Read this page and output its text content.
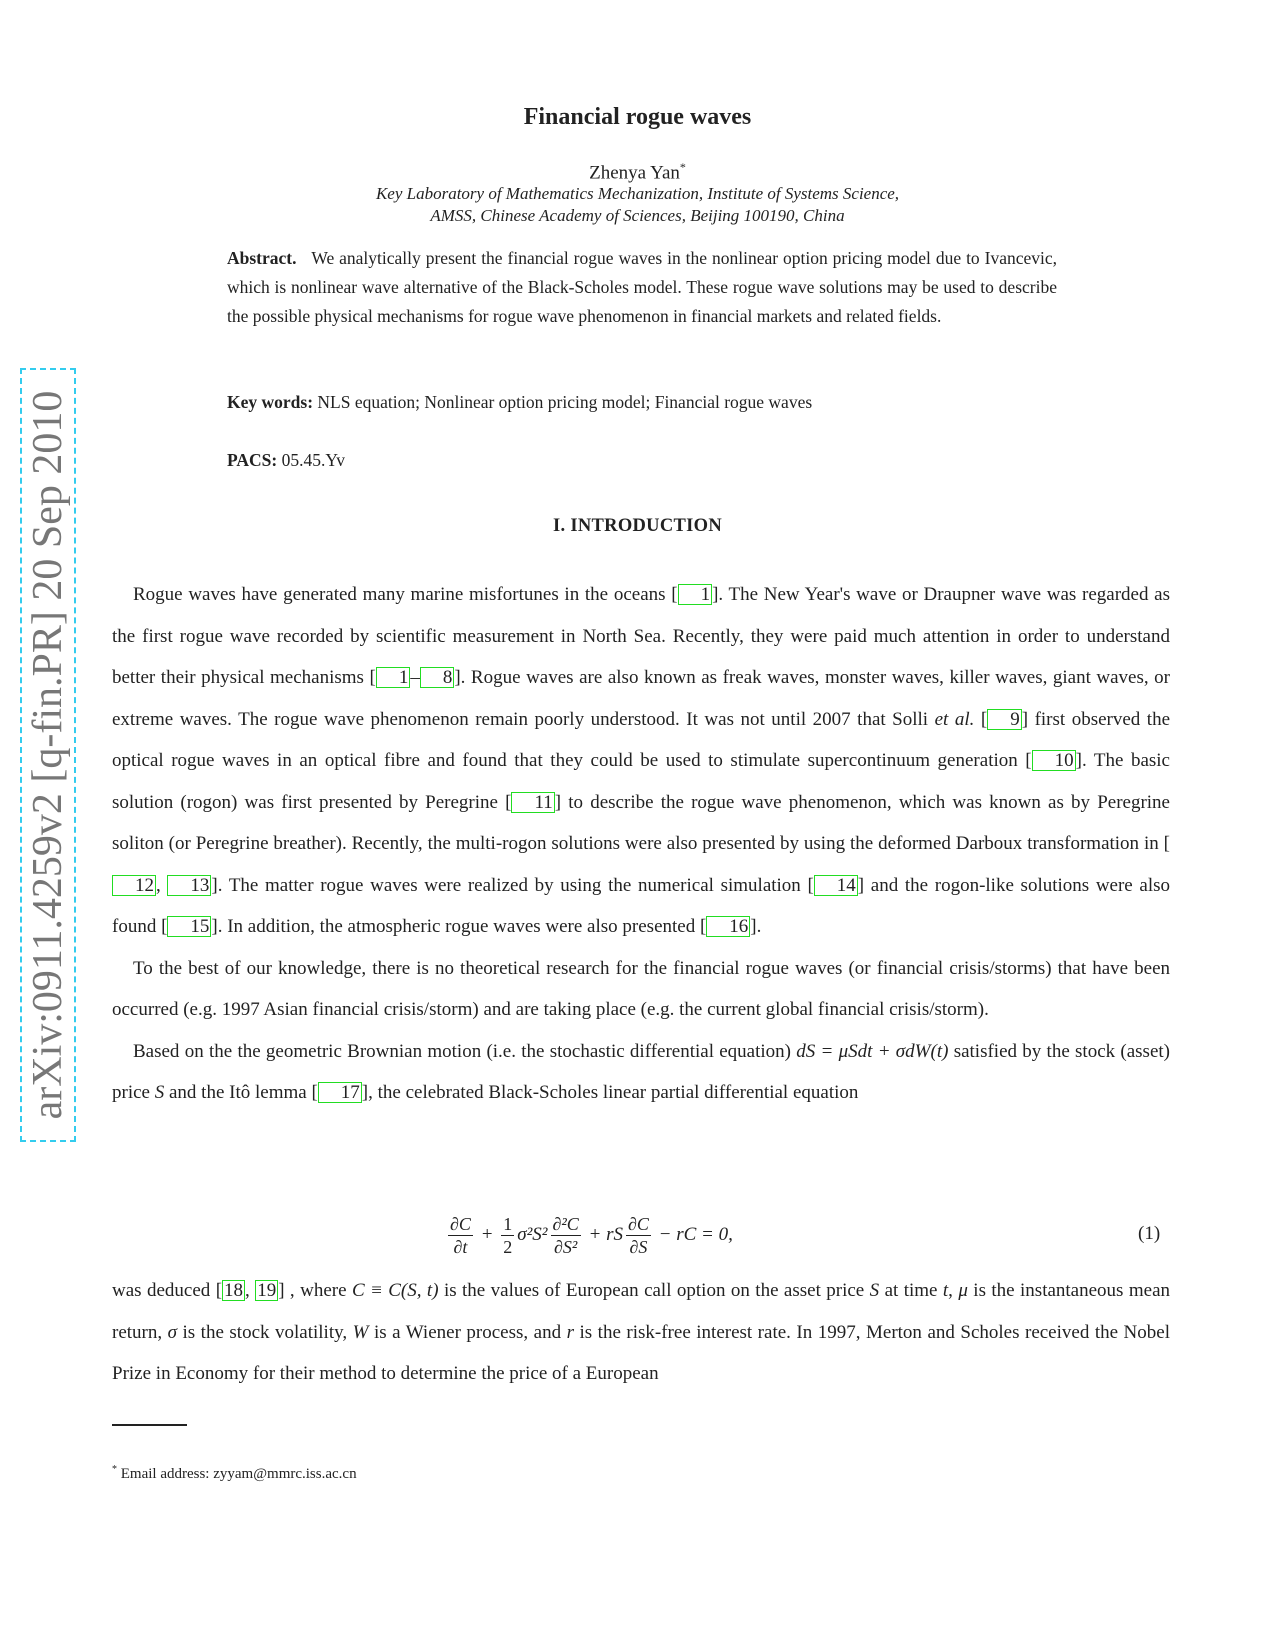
arXiv:0911.4259v2 [q-fin.PR] 20 Sep 2010
Financial rogue waves
Zhenya Yan*
Key Laboratory of Mathematics Mechanization, Institute of Systems Science,
AMSS, Chinese Academy of Sciences, Beijing 100190, China
Abstract. We analytically present the financial rogue waves in the nonlinear option pricing model due to Ivancevic, which is nonlinear wave alternative of the Black-Scholes model. These rogue wave solutions may be used to describe the possible physical mechanisms for rogue wave phenomenon in financial markets and related fields.
Key words: NLS equation; Nonlinear option pricing model; Financial rogue waves
PACS: 05.45.Yv
I. INTRODUCTION

Rogue waves have generated many marine misfortunes in the oceans [ 1 ]. The New Year's wave or Draupner wave was regarded as the first rogue wave recorded by scientific measurement in North Sea. Recently, they were paid much attention in order to understand better their physical mechanisms [ 1 – 8 ]. Rogue waves are also known as freak waves, monster waves, killer waves, giant waves, or extreme waves. The rogue wave phenomenon remain poorly understood. It was not until 2007 that Solli et al. [ 9 ] first observed the optical rogue waves in an optical fibre and found that they could be used to stimulate supercontinuum generation [ 10 ]. The basic solution (rogon) was first presented by Peregrine [ 11 ] to describe the rogue wave phenomenon, which was known as by Peregrine soliton (or Peregrine breather). Recently, the multi-rogon solutions were also presented by using the deformed Darboux transformation in [12 , 13 ]. The matter rogue waves were realized by using the numerical simulation [ 14 ] and the rogon-like solutions were also found [ 15 ]. In addition, the atmospheric rogue waves were also presented [ 16 ].

To the best of our knowledge, there is no theoretical research for the financial rogue waves (or financial crisis/storms) that have been occurred (e.g. 1997 Asian financial crisis/storm) and are taking place (e.g. the current global financial crisis/storm).

Based on the the geometric Brownian motion (i.e. the stochastic differential equation) dS = μSdt + σdW(t) satisfied by the stock (asset) price S and the Itô lemma [ 17 ], the celebrated Black-Scholes linear partial differential equation

$\frac{\partial C}{\partial t} + \frac{1}{2} \sigma^2S^2 \frac{\text{∂²C}}{\text{∂S²}}$ + rS $\frac{\partial C}{\partial S}$ − rC = 0,	(1)

was deduced [ 18 , 19 ] , where C ≡ C(S, t) is the values of European call option on the asset price S at time t, μ is the instantaneous mean return, σ is the stock volatility, W is a Wiener process, and r is the risk-free interest rate. In 1997, Merton and Scholes received the Nobel Prize in Economy for their method to determine the price of a European

* Email address: zyyam@mmrc.iss.ac.cn
